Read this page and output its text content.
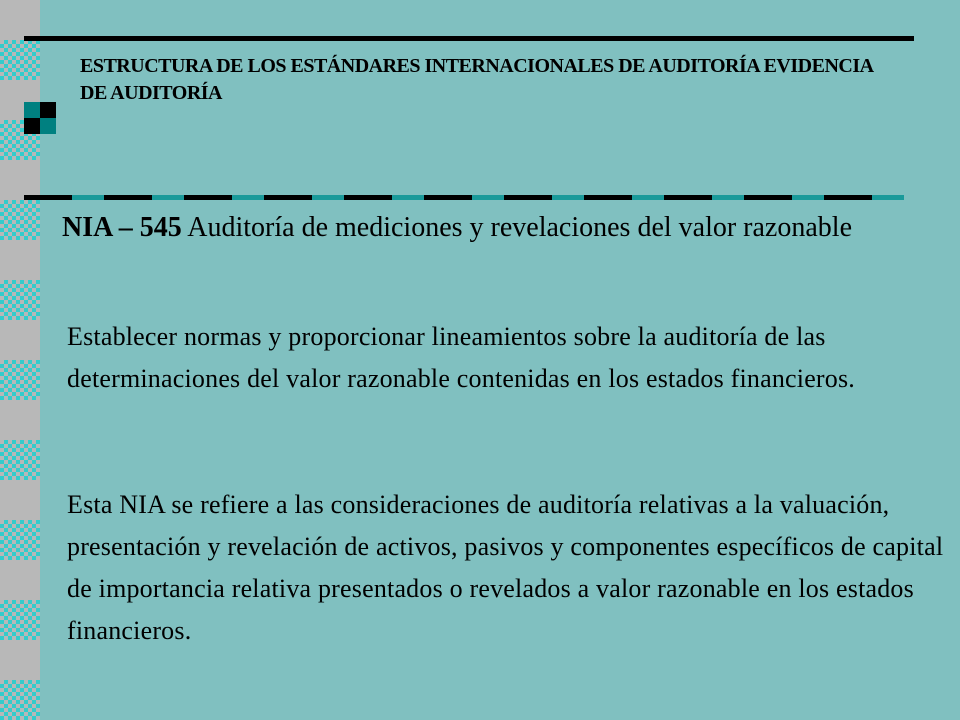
ESTRUCTURA DE LOS ESTÁNDARES INTERNACIONALES DE AUDITORÍA EVIDENCIA DE AUDITORÍA
NIA – 545 Auditoría de mediciones y revelaciones del valor razonable
Establecer normas y proporcionar lineamientos sobre la auditoría de las determinaciones del valor razonable contenidas en los estados financieros.
Esta NIA se refiere a las consideraciones de auditoría relativas a la valuación, presentación y revelación de activos, pasivos y componentes específicos de capital de importancia relativa presentados o revelados a valor razonable en los estados financieros.
